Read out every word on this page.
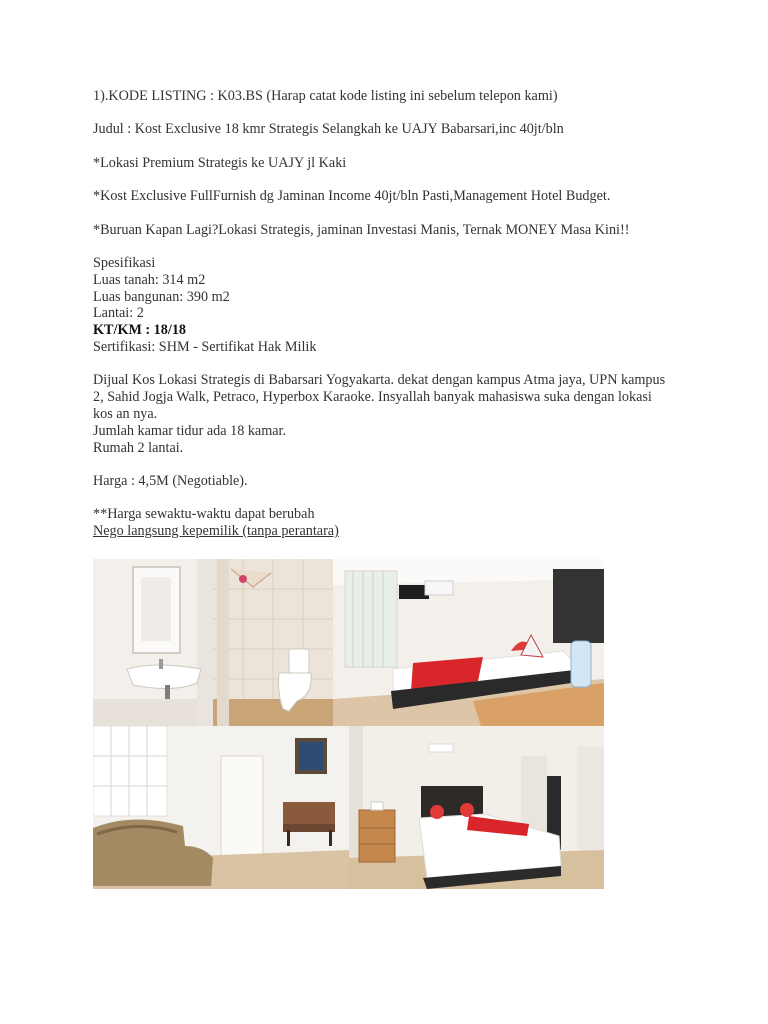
1).KODE LISTING : K03.BS (Harap catat kode listing ini sebelum telepon kami)

Judul : Kost Exclusive 18 kmr Strategis Selangkah ke UAJY Babarsari,inc 40jt/bln

*Lokasi Premium Strategis ke UAJY jl Kaki

*Kost Exclusive FullFurnish dg Jaminan Income 40jt/bln Pasti,Management Hotel Budget.

*Buruan Kapan Lagi?Lokasi Strategis, jaminan Investasi Manis, Ternak MONEY Masa Kini!!

Spesifikasi

Luas tanah: 314 m2

Luas bangunan: 390 m2

Lantai: 2

KT/KM : 18/18

Sertifikasi: SHM - Sertifikat Hak Milik

Dijual Kos Lokasi Strategis di Babarsari Yogyakarta. dekat dengan kampus Atma jaya, UPN kampus 2, Sahid Jogja Walk, Petraco, Hyperbox Karaoke. Insyallah banyak mahasiswa suka dengan lokasi kos an nya.

Jumlah kamar tidur ada 18 kamar.

Rumah 2 lantai.

Harga : 4,5M (Negotiable).

**Harga sewaktu-waktu dapat berubah

Nego langsung kepemilik (tanpa perantara)
